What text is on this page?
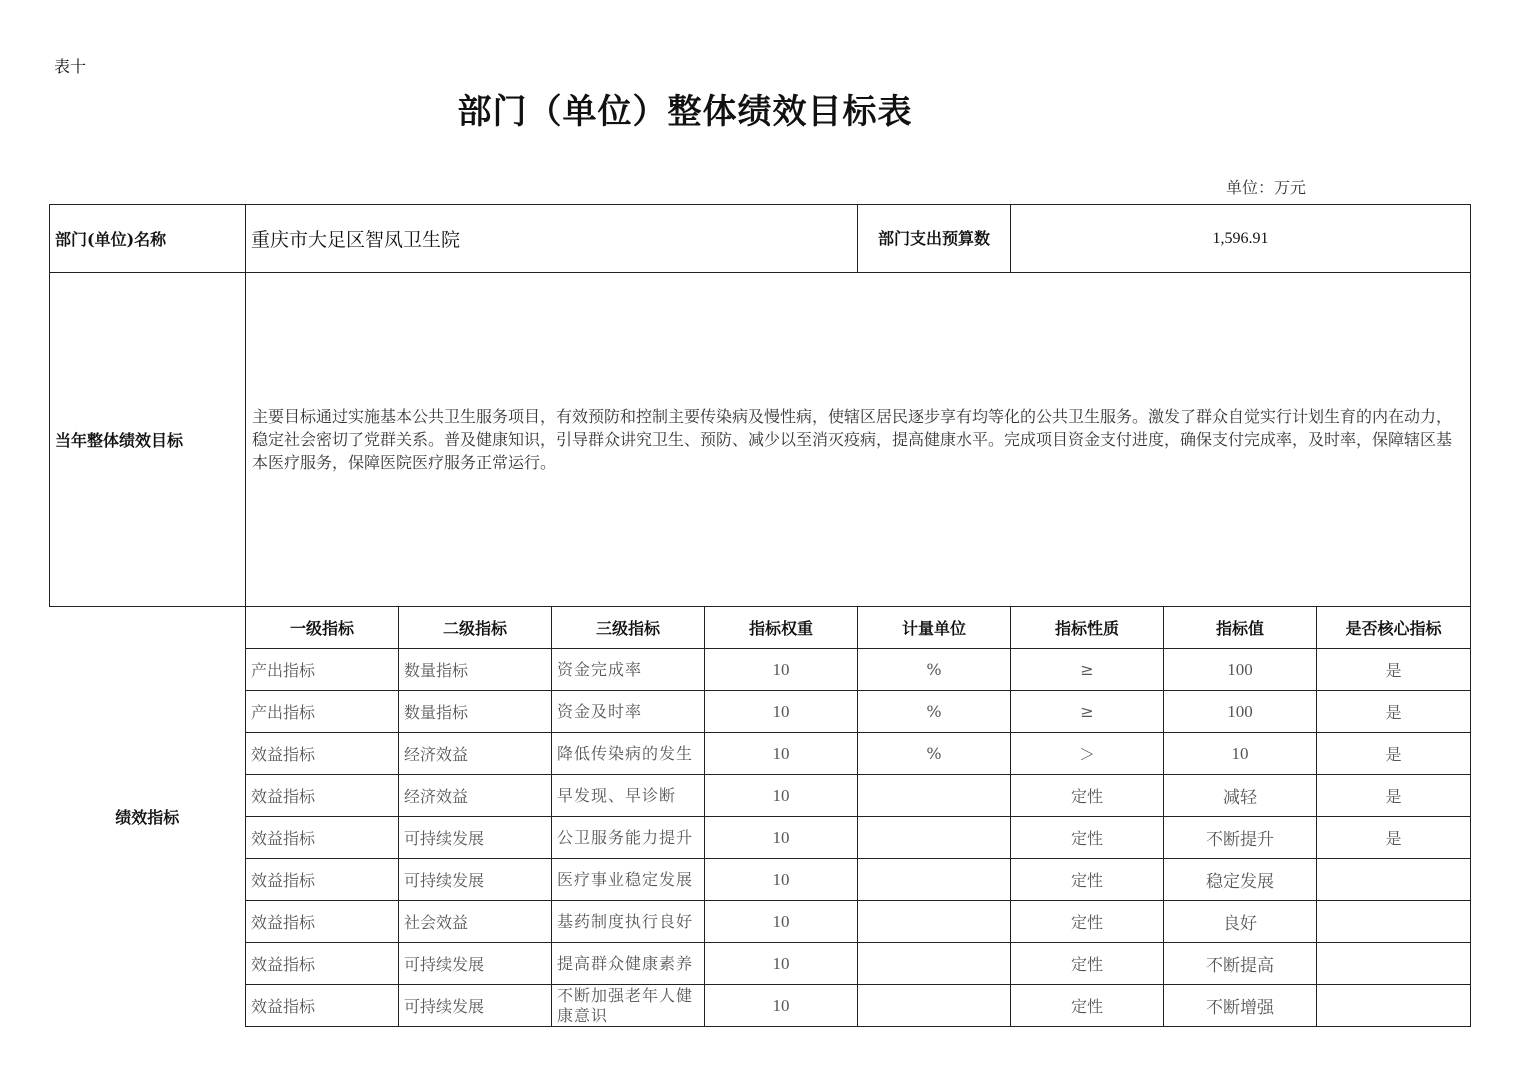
表十
部门（单位）整体绩效目标表
单位：万元
部门(单位)名称	重庆市大足区智凤卫生院				部门支出预算数	1,596.91		
当年整体绩效目标	主要目标通过实施基本公共卫生服务项目，有效预防和控制主要传染病及慢性病，使辖区居民逐步享有均等化的公共卫生服务。激发了群众自觉实行计划生育的内在动力，稳定社会密切了党群关系。普及健康知识，引导群众讲究卫生、预防、减少以至消灭疫病，提高健康水平。完成项目资金支付进度，确保支付完成率，及时率，保障辖区基本医疗服务，保障医院医疗服务正常运行。							
绩效指标	一级指标	二级指标	三级指标	指标权重	计量单位	指标性质	指标值	是否核心指标
	产出指标	数量指标	资金完成率	10	%	≥	100	是
	产出指标	数量指标	资金及时率	10	%	≥	100	是
	效益指标	经济效益	降低传染病的发生	10	%	＞	10	是
	效益指标	经济效益	早发现、早诊断	10		定性	减轻	是
	效益指标	可持续发展	公卫服务能力提升	10		定性	不断提升	是
	效益指标	可持续发展	医疗事业稳定发展	10		定性	稳定发展	
	效益指标	社会效益	基药制度执行良好	10		定性	良好	
	效益指标	可持续发展	提高群众健康素养	10		定性	不断提高	
	效益指标	可持续发展	不断加强老年人健康意识	10		定性	不断增强	
